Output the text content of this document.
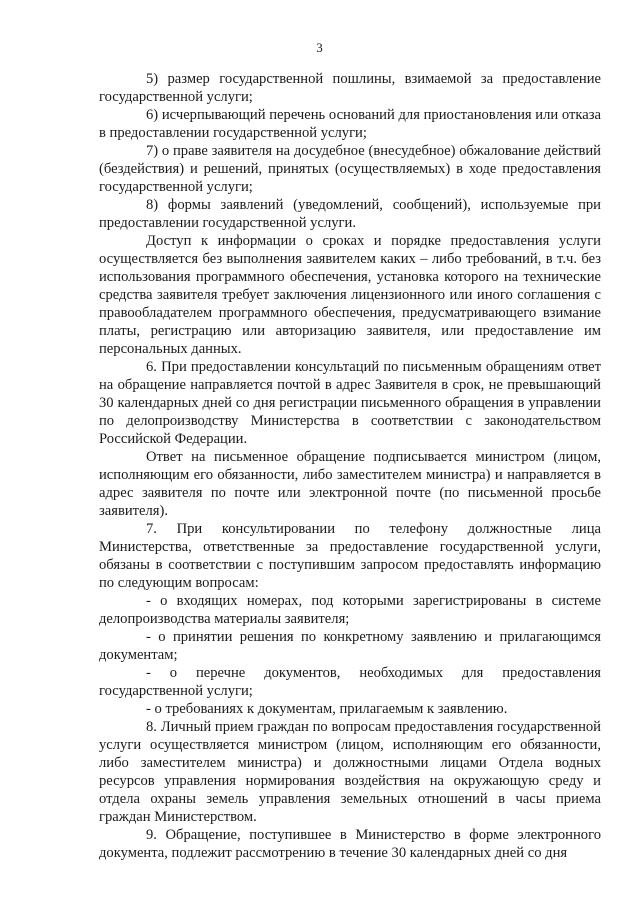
3

5) размер государственной пошлины, взимаемой за предоставление государственной услуги;

6) исчерпывающий перечень оснований для приостановления или отказа в предоставлении государственной услуги;

7) о праве заявителя на досудебное (внесудебное) обжалование действий (бездействия) и решений, принятых (осуществляемых) в ходе предоставления государственной услуги;

8) формы заявлений (уведомлений, сообщений), используемые при предоставлении государственной услуги.

Доступ к информации о сроках и порядке предоставления услуги осуществляется без выполнения заявителем каких – либо требований, в т.ч. без использования программного обеспечения, установка которого на технические средства заявителя требует заключения лицензионного или иного соглашения с правообладателем программного обеспечения, предусматривающего взимание платы, регистрацию или авторизацию заявителя, или предоставление им персональных данных.

6. При предоставлении консультаций по письменным обращениям ответ на обращение направляется почтой в адрес Заявителя в срок, не превышающий 30 календарных дней со дня регистрации письменного обращения в управлении по делопроизводству Министерства в соответствии с законодательством Российской Федерации.

Ответ на письменное обращение подписывается министром (лицом, исполняющим его обязанности, либо заместителем министра) и направляется в адрес заявителя по почте или электронной почте (по письменной просьбе заявителя).

7. При консультировании по телефону должностные лица Министерства, ответственные за предоставление государственной услуги, обязаны в соответствии с поступившим запросом предоставлять информацию по следующим вопросам:

- о входящих номерах, под которыми зарегистрированы в системе делопроизводства материалы заявителя;

- о принятии решения по конкретному заявлению и прилагающимся документам;

- о перечне документов, необходимых для предоставления государственной услуги;

- о требованиях к документам, прилагаемым к заявлению.

8. Личный прием граждан по вопросам предоставления государственной услуги осуществляется министром (лицом, исполняющим его обязанности, либо заместителем министра) и должностными лицами Отдела водных ресурсов управления нормирования воздействия на окружающую среду и отдела охраны земель управления земельных отношений в часы приема граждан Министерством.

9. Обращение, поступившее в Министерство в форме электронного документа, подлежит рассмотрению в течение 30 календарных дней со дня
